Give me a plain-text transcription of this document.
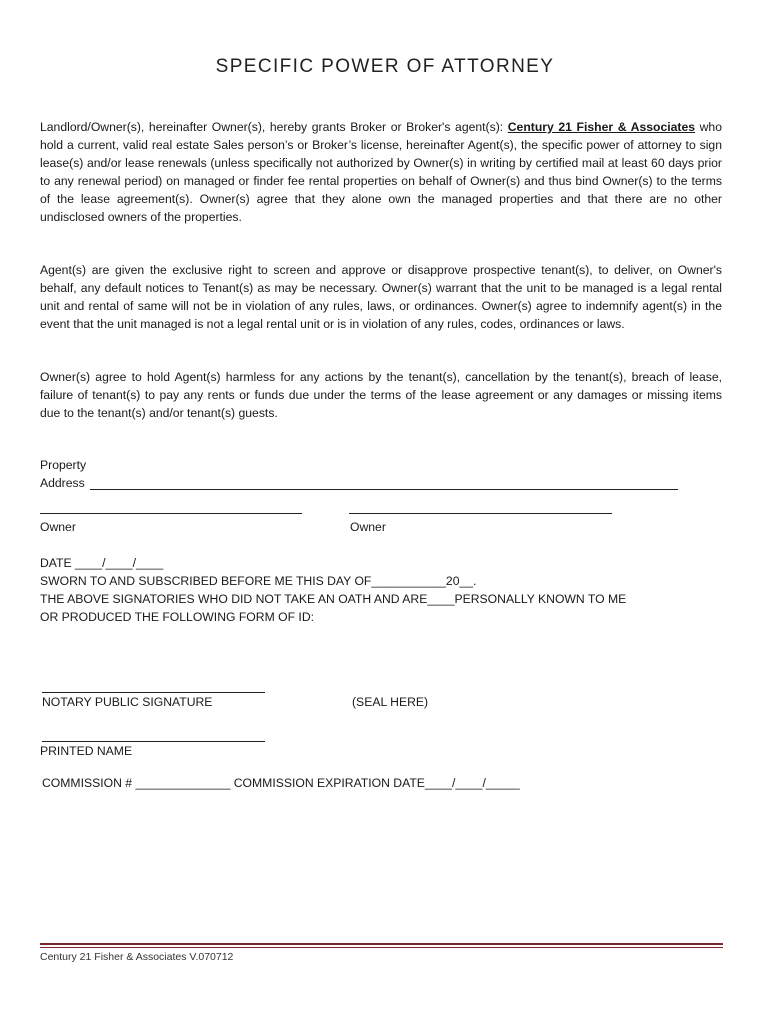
SPECIFIC POWER OF ATTORNEY
Landlord/Owner(s), hereinafter Owner(s), hereby grants Broker or Broker's agent(s): Century 21 Fisher & Associates who hold a current, valid real estate Sales person’s or Broker’s license, hereinafter Agent(s), the specific power of attorney to sign lease(s) and/or lease renewals (unless specifically not authorized by Owner(s) in writing by certified mail at least 60 days prior to any renewal period) on managed or finder fee rental properties on behalf of Owner(s) and thus bind Owner(s) to the terms of the lease agreement(s). Owner(s) agree that they alone own the managed properties and that there are no other undisclosed owners of the properties.
Agent(s) are given the exclusive right to screen and approve or disapprove prospective tenant(s), to deliver, on Owner's behalf, any default notices to Tenant(s) as may be necessary. Owner(s) warrant that the unit to be managed is a legal rental unit and rental of same will not be in violation of any rules, laws, or ordinances. Owner(s) agree to indemnify agent(s) in the event that the unit managed is not a legal rental unit or is in violation of any rules, codes, ordinances or laws.
Owner(s) agree to hold Agent(s) harmless for any actions by the tenant(s), cancellation by the tenant(s), breach of lease, failure of tenant(s) to pay any rents or funds due under the terms of the lease agreement or any damages or missing items due to the tenant(s) and/or tenant(s) guests.
Property
Address
Owner	Owner
DATE ____/____/____
SWORN TO AND SUBSCRIBED BEFORE ME THIS DAY OF___________20__.
THE ABOVE SIGNATORIES WHO DID NOT TAKE AN OATH AND ARE____PERSONALLY KNOWN TO ME
OR PRODUCED THE FOLLOWING FORM OF ID:
NOTARY PUBLIC SIGNATURE	(SEAL HERE)
PRINTED NAME
COMMISSION # ______________ COMMISSION EXPIRATION DATE____/____/_____
Century 21 Fisher & Associates V.070712
